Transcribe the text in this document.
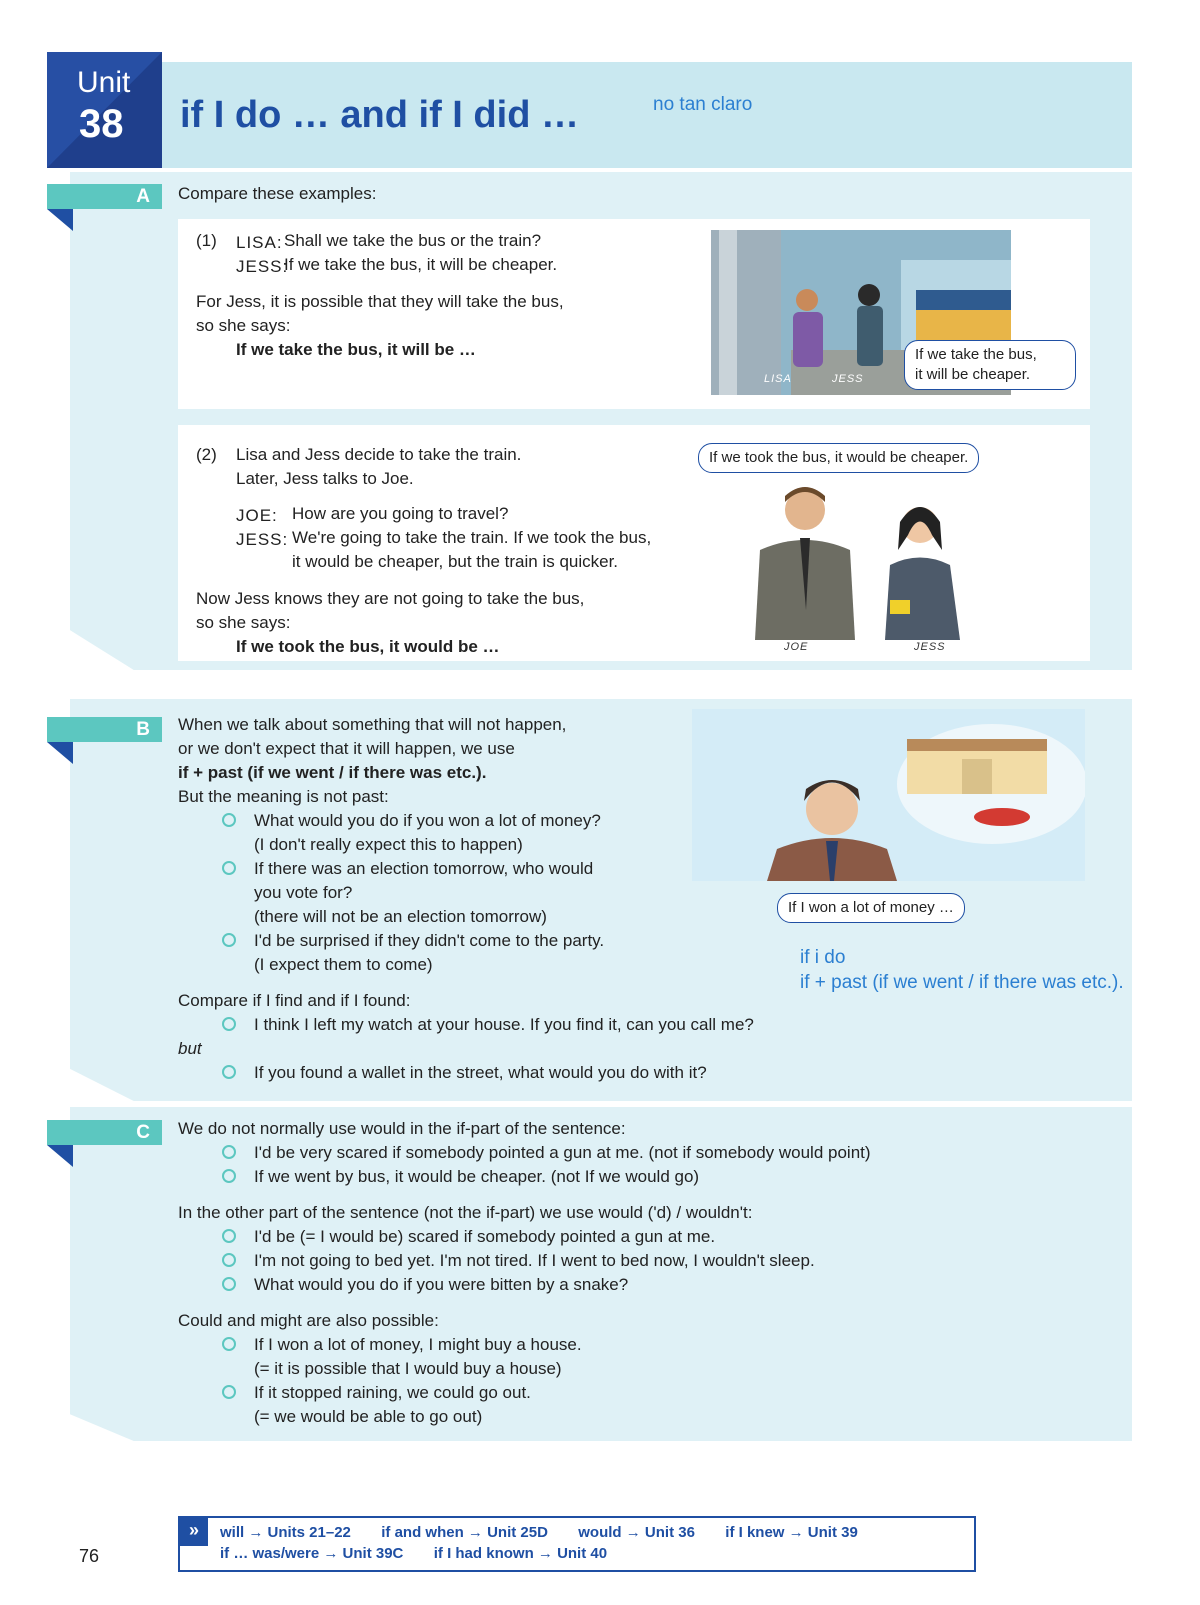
Unit
38 if I do … and if I did …	no tan claro
A	Compare these examples:
(1) LISA: Shall we take the bus or the train?
JESS:
If we take the bus, it will be cheaper.
For Jess, it is possible that they will take the bus,
so she says:
If we take the bus, it will be …
LISA	JESS
If we take the bus,
it will be cheaper.
(2) Lisa and Jess decide to take the train.
Later, Jess talks to Joe.
JOE: How are you going to travel?
JESS: We're going to take the train. If we took the bus,
it would be cheaper, but the train is quicker.
Now Jess knows they are not going to take the bus,
so she says:
If we took the bus, it would be …
If we took the bus, it would be cheaper.
JOE	JESS
B	When we talk about something that will not happen,
or we don't expect that it will happen, we use
if + past (if we went / if there was etc.).
But the meaning is not past:
What would you do if you won a lot of money?
(I don't really expect this to happen)
If there was an election tomorrow, who would
you vote for?
(there will not be an election tomorrow)
I'd be surprised if they didn't come to the party.
(I expect them to come)
Compare if I find and if I found:
I think I left my watch at your house. If you find it, can you call me?
but
If you found a wallet in the street, what would you do with it?
If I won a lot of money …
if i do
if + past (if we went / if there was etc.).
C	We do not normally use would in the if-part of the sentence:
I'd be very scared if somebody pointed a gun at me. (not if somebody would point)
If we went by bus, it would be cheaper. (not If we would go)
In the other part of the sentence (not the if-part) we use would ('d) / wouldn't:
I'd be (= I would be) scared if somebody pointed a gun at me.
I'm not going to bed yet. I'm not tired. If I went to bed now, I wouldn't sleep.
What would you do if you were bitten by a snake?
Could and might are also possible:
If I won a lot of money, I might buy a house.
(= it is possible that I would buy a house)
If it stopped raining, we could go out.
(= we would be able to go out)
76
»	will → Units 21–22 if and when → Unit 25D would → Unit 36 if I knew → Unit 39
if … was/were → Unit 39C if I had known → Unit 40
